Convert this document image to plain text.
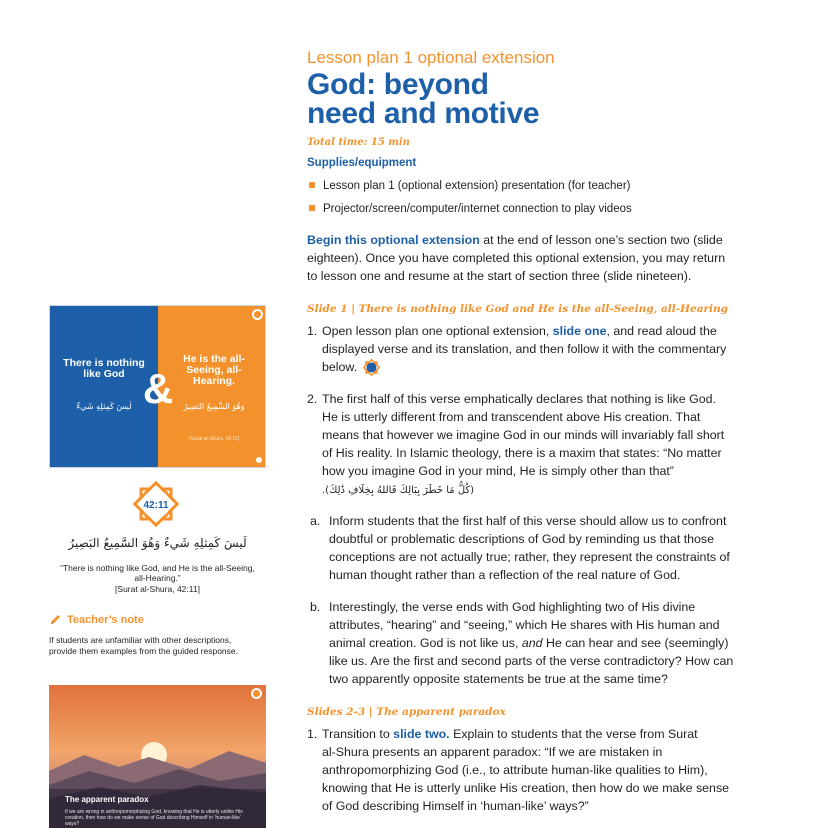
There is nothing like God
لَيسَ كَمِثلِهِ شَيءٌ
He is the all-Seeing, all-Hearing.
وَهُوَ السَّمِيعُ البَصِيرُ
[Surat al-Shura, 42:11]
&
42:11
لَيسَ كَمِثلِهِ شَيءٌ وَهُوَ السَّمِيعُ البَصِيرُ
“There is nothing like God, and He is the all-Seeing, all-Hearing.”
[Surat al-Shura, 42:11]
Teacher’s note
If students are unfamiliar with other descriptions, provide them examples from the guided response.
The apparent paradox
If we are wrong in anthropomorphizing God, knowing that He is utterly unlike His creation, then how do we make sense of God describing Himself in ‘human-like’ ways?
Lesson plan 1 optional extension
God: beyond
need and motive
Total time: 15 min
Supplies/equipment
Lesson plan 1 (optional extension) presentation (for teacher)
Projector/screen/computer/internet connection to play videos
Begin this optional extension at the end of lesson one’s section two (slide
eighteen). Once you have completed this optional extension, you may return
to lesson one and resume at the start of section three (slide nineteen).
Slide 1 | There is nothing like God and He is the all-Seeing, all-Hearing
1. Open lesson plan one optional extension, slide one, and read aloud the
displayed verse and its translation, and then follow it with the commentary
below.
2. The first half of this verse emphatically declares that nothing is like God.
He is utterly different from and transcendent above His creation. That
means that however we imagine God in our minds will invariably fall short
of His reality. In Islamic theology, there is a maxim that states: “No matter
how you imagine God in your mind, He is simply other than that”
(كُلُّ مَا خَطَرَ بِبَالِكَ فَاللهُ بِخِلَافِ ذَٰلِكَ).
a. Inform students that the first half of this verse should allow us to confront
doubtful or problematic descriptions of God by reminding us that those
conceptions are not actually true; rather, they represent the constraints of
human thought rather than a reflection of the real nature of God.
b. Interestingly, the verse ends with God highlighting two of His divine
attributes, “hearing” and “seeing,” which He shares with His human and
animal creation. God is not like us, and He can hear and see (seemingly)
like us. Are the first and second parts of the verse contradictory? How can
two apparently opposite statements be true at the same time?
Slides 2-3 | The apparent paradox
1. Transition to slide two. Explain to students that the verse from Surat
al-Shura presents an apparent paradox: “If we are mistaken in
anthropomorphizing God (i.e., to attribute human-like qualities to Him),
knowing that He is utterly unlike His creation, then how do we make sense
of God describing Himself in ‘human-like’ ways?”
